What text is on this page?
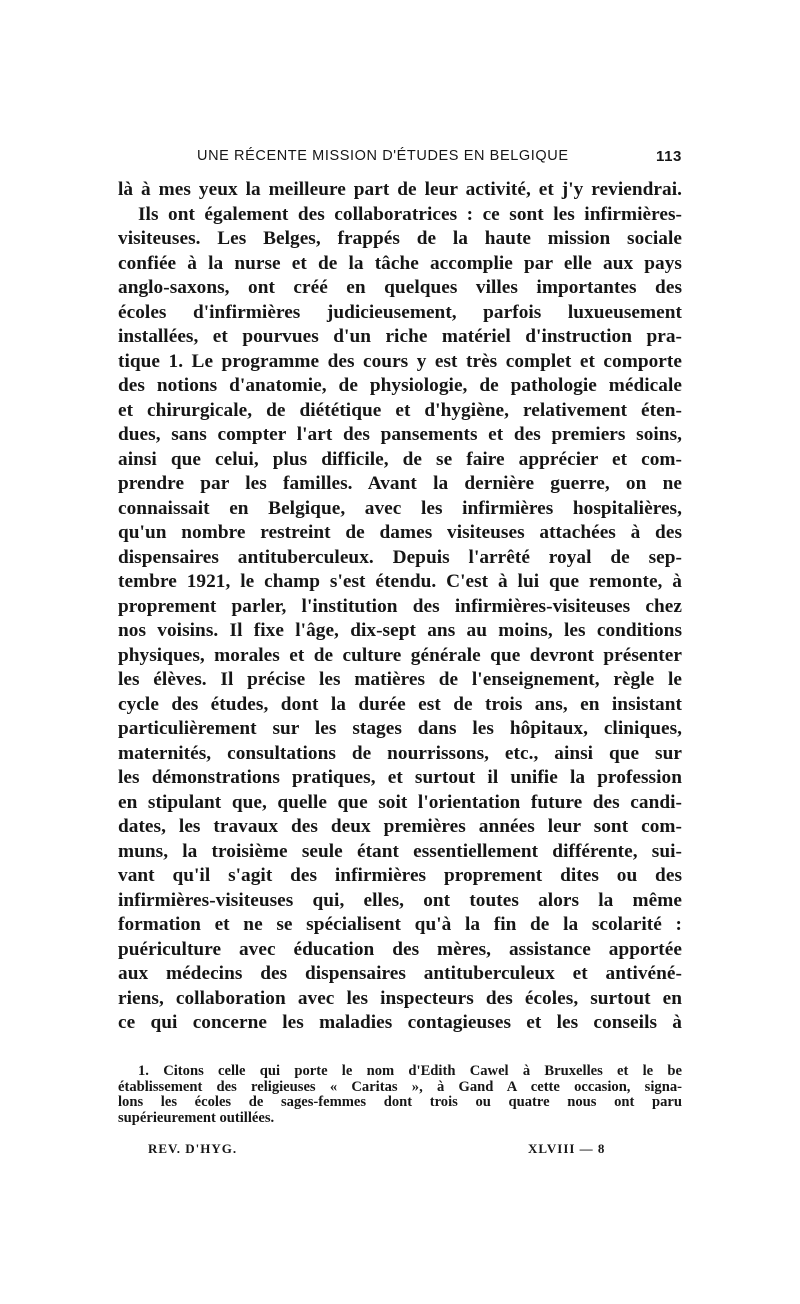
UNE RÉCENTE MISSION D'ÉTUDES EN BELGIQUE	113
là à mes yeux la meilleure part de leur activité, et j'y reviendrai.
Ils ont également des collaboratrices : ce sont les infirmières-
visiteuses. Les Belges, frappés de la haute mission sociale
confiée à la nurse et de la tâche accomplie par elle aux pays
anglo-saxons, ont créé en quelques villes importantes des
écoles d'infirmières judicieusement, parfois luxueusement
installées, et pourvues d'un riche matériel d'instruction pra-
tique 1. Le programme des cours y est très complet et comporte
des notions d'anatomie, de physiologie, de pathologie médicale
et chirurgicale, de diététique et d'hygiène, relativement éten-
dues, sans compter l'art des pansements et des premiers soins,
ainsi que celui, plus difficile, de se faire apprécier et com-
prendre par les familles. Avant la dernière guerre, on ne
connaissait en Belgique, avec les infirmières hospitalières,
qu'un nombre restreint de dames visiteuses attachées à des
dispensaires antituberculeux. Depuis l'arrêté royal de sep-
tembre 1921, le champ s'est étendu. C'est à lui que remonte, à
proprement parler, l'institution des infirmières-visiteuses chez
nos voisins. Il fixe l'âge, dix-sept ans au moins, les conditions
physiques, morales et de culture générale que devront présenter
les élèves. Il précise les matières de l'enseignement, règle le
cycle des études, dont la durée est de trois ans, en insistant
particulièrement sur les stages dans les hôpitaux, cliniques,
maternités, consultations de nourrissons, etc., ainsi que sur
les démonstrations pratiques, et surtout il unifie la profession
en stipulant que, quelle que soit l'orientation future des candi-
dates, les travaux des deux premières années leur sont com-
muns, la troisième seule étant essentiellement différente, sui-
vant qu'il s'agit des infirmières proprement dites ou des
infirmières-visiteuses qui, elles, ont toutes alors la même
formation et ne se spécialisent qu'à la fin de la scolarité :
puériculture avec éducation des mères, assistance apportée
aux médecins des dispensaires antituberculeux et antivéné-
riens, collaboration avec les inspecteurs des écoles, surtout en
ce qui concerne les maladies contagieuses et les conseils à
1. Citons celle qui porte le nom d'Edith Cawel à Bruxelles et le be
établissement des religieuses « Caritas », à Gand A cette occasion, signa-
lons les écoles de sages-femmes dont trois ou quatre nous ont paru
supérieurement outillées.
REV. D'HYG.	XLVIII — 8
